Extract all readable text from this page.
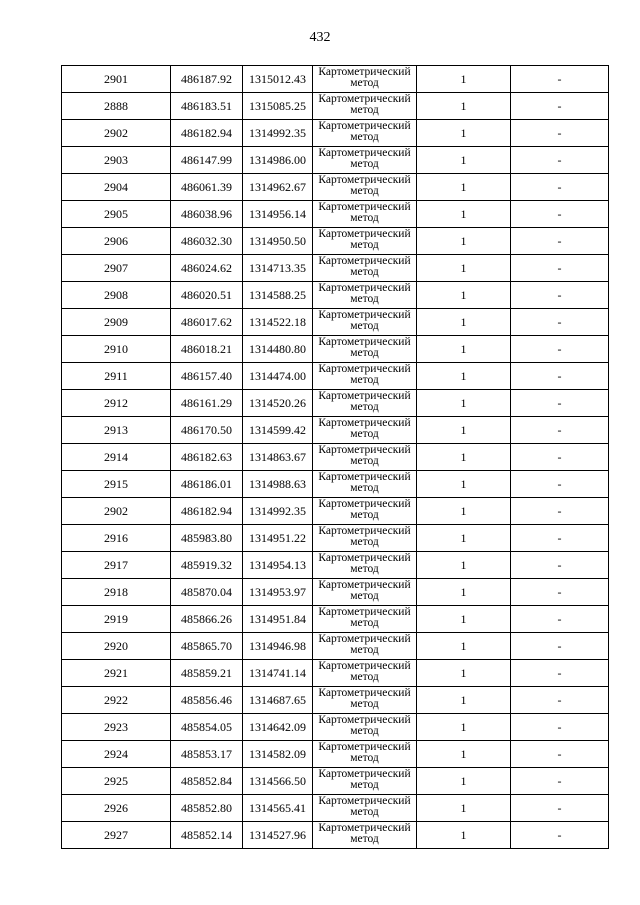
432
2901	486187.92	1315012.43	Картометрический метод	1	-
2888	486183.51	1315085.25	Картометрический метод	1	-
2902	486182.94	1314992.35	Картометрический метод	1	-
2903	486147.99	1314986.00	Картометрический метод	1	-
2904	486061.39	1314962.67	Картометрический метод	1	-
2905	486038.96	1314956.14	Картометрический метод	1	-
2906	486032.30	1314950.50	Картометрический метод	1	-
2907	486024.62	1314713.35	Картометрический метод	1	-
2908	486020.51	1314588.25	Картометрический метод	1	-
2909	486017.62	1314522.18	Картометрический метод	1	-
2910	486018.21	1314480.80	Картометрический метод	1	-
2911	486157.40	1314474.00	Картометрический метод	1	-
2912	486161.29	1314520.26	Картометрический метод	1	-
2913	486170.50	1314599.42	Картометрический метод	1	-
2914	486182.63	1314863.67	Картометрический метод	1	-
2915	486186.01	1314988.63	Картометрический метод	1	-
2902	486182.94	1314992.35	Картометрический метод	1	-
2916	485983.80	1314951.22	Картометрический метод	1	-
2917	485919.32	1314954.13	Картометрический метод	1	-
2918	485870.04	1314953.97	Картометрический метод	1	-
2919	485866.26	1314951.84	Картометрический метод	1	-
2920	485865.70	1314946.98	Картометрический метод	1	-
2921	485859.21	1314741.14	Картометрический метод	1	-
2922	485856.46	1314687.65	Картометрический метод	1	-
2923	485854.05	1314642.09	Картометрический метод	1	-
2924	485853.17	1314582.09	Картометрический метод	1	-
2925	485852.84	1314566.50	Картометрический метод	1	-
2926	485852.80	1314565.41	Картометрический метод	1	-
2927	485852.14	1314527.96	Картометрический метод	1	-
